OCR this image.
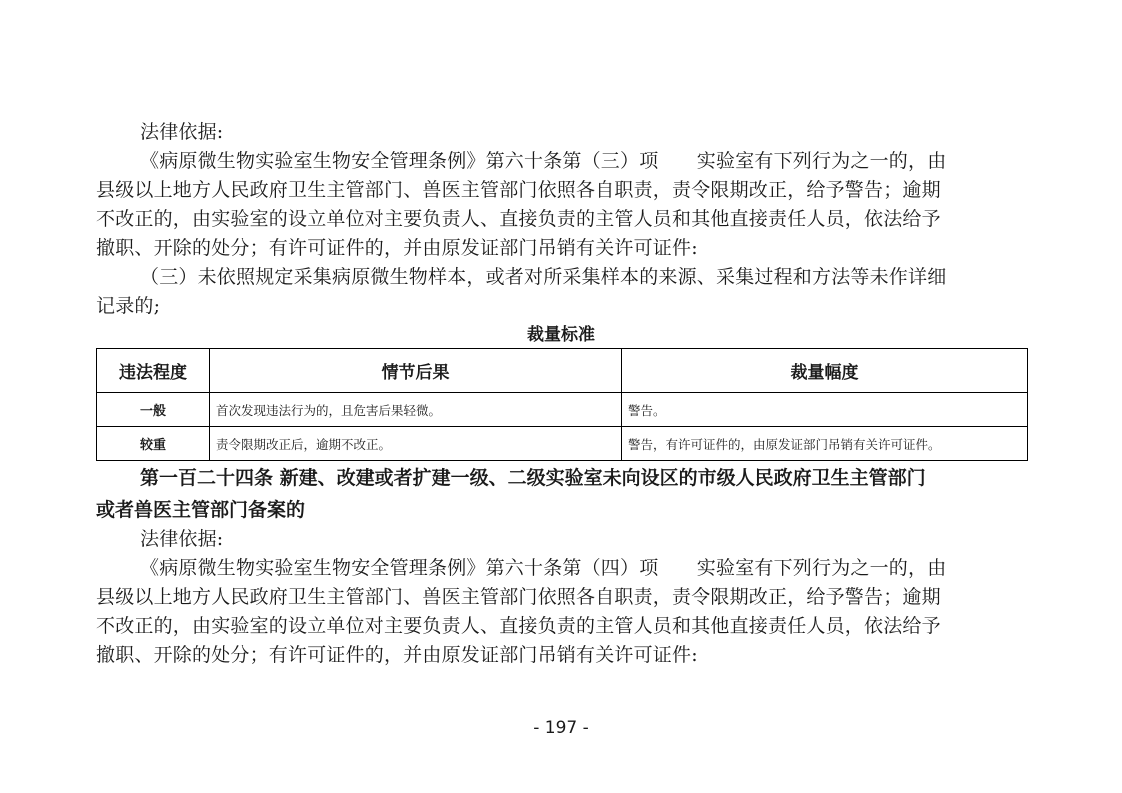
法律依据:
《病原微生物实验室生物安全管理条例》第六十条第（三）项　　实验室有下列行为之一的，由
县级以上地方人民政府卫生主管部门、兽医主管部门依照各自职责，责令限期改正，给予警告；逾期
不改正的，由实验室的设立单位对主要负责人、直接负责的主管人员和其他直接责任人员，依法给予
撤职、开除的处分；有许可证件的，并由原发证部门吊销有关许可证件:
（三）未依照规定采集病原微生物样本，或者对所采集样本的来源、采集过程和方法等未作详细
记录的;
裁量标准
违法程度	情节后果	裁量幅度
一般	首次发现违法行为的，且危害后果轻微。	警告。
较重	责令限期改正后，逾期不改正。	警告，有许可证件的，由原发证部门吊销有关许可证件。
第一百二十四条 新建、改建或者扩建一级、二级实验室未向设区的市级人民政府卫生主管部门
或者兽医主管部门备案的
法律依据:
《病原微生物实验室生物安全管理条例》第六十条第（四）项　　实验室有下列行为之一的，由
县级以上地方人民政府卫生主管部门、兽医主管部门依照各自职责，责令限期改正，给予警告；逾期
不改正的，由实验室的设立单位对主要负责人、直接负责的主管人员和其他直接责任人员，依法给予
撤职、开除的处分；有许可证件的，并由原发证部门吊销有关许可证件:
- 197 -
